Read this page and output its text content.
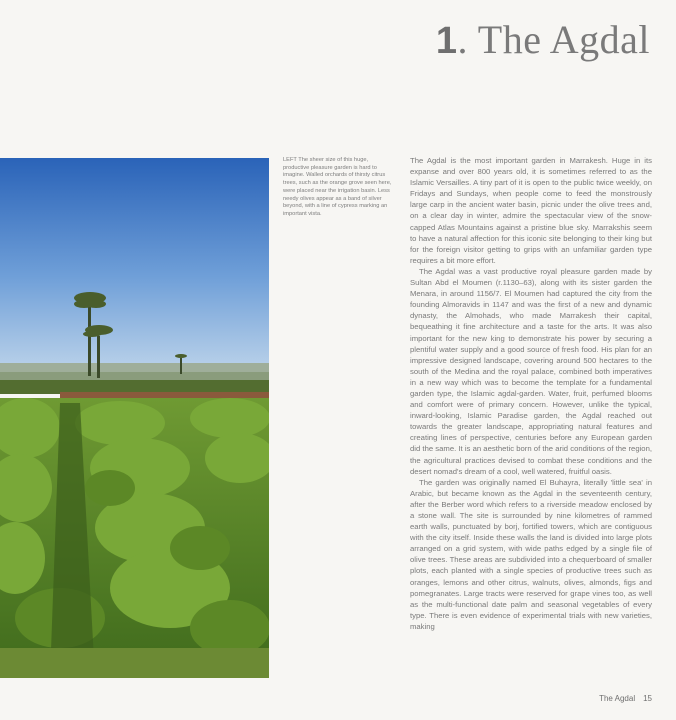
1. The Agdal
LEFT The sheer size of this huge, productive pleasure garden is hard to imagine. Walled orchards of thirsty citrus trees, such as the orange grove seen here, were placed near the irrigation basin. Less needy olives appear as a band of silver beyond, with a line of cypress marking an important vista.

The Agdal is the most important garden in Marrakesh. Huge in its expanse and over 800 years old, it is sometimes referred to as the Islamic Versailles. A tiny part of it is open to the public twice weekly, on Fridays and Sundays, when people come to feed the monstrously large carp in the ancient water basin, picnic under the olive trees and, on a clear day in winter, admire the spectacular view of the snow-capped Atlas Mountains against a pristine blue sky. Marrakshis seem to have a natural affection for this iconic site belonging to their king but for the foreign visitor getting to grips with an unfamiliar garden type requires a bit more effort.

The Agdal was a vast productive royal pleasure garden made by Sultan Abd el Moumen (r.1130–63), along with its sister garden the Menara, in around 1156/7. El Moumen had captured the city from the founding Almoravids in 1147 and was the first of a new and dynamic dynasty, the Almohads, who made Marrakesh their capital, bequeathing it fine architecture and a taste for the arts. It was also important for the new king to demonstrate his power by securing a plentiful water supply and a good source of fresh food. His plan for an impressive designed landscape, covering around 500 hectares to the south of the Medina and the royal palace, combined both imperatives in a new way which was to become the template for a fundamental garden type, the Islamic agdal-garden. Water, fruit, perfumed blooms and comfort were of primary concern. However, unlike the typical, inward-looking, Islamic Paradise garden, the Agdal reached out towards the greater landscape, appropriating natural features and creating lines of perspective, centuries before any European garden did the same. It is an aesthetic born of the arid conditions of the region, the agricultural practices devised to combat these conditions and the desert nomad's dream of a cool, well watered, fruitful oasis.

The garden was originally named El Buhayra, literally 'little sea' in Arabic, but became known as the Agdal in the seventeenth century, after the Berber word which refers to a riverside meadow enclosed by a stone wall. The site is surrounded by nine kilometres of rammed earth walls, punctuated by borj, fortified towers, which are contiguous with the city itself. Inside these walls the land is divided into large plots arranged on a grid system, with wide paths edged by a single file of olive trees. These areas are subdivided into a chequerboard of smaller plots, each planted with a single species of productive trees such as oranges, lemons and other citrus, walnuts, olives, almonds, figs and pomegranates. Large tracts were reserved for grape vines too, as well as the multi-functional date palm and seasonal vegetables of every type. There is even evidence of experimental trials with new varieties, making

The Agdal 15
